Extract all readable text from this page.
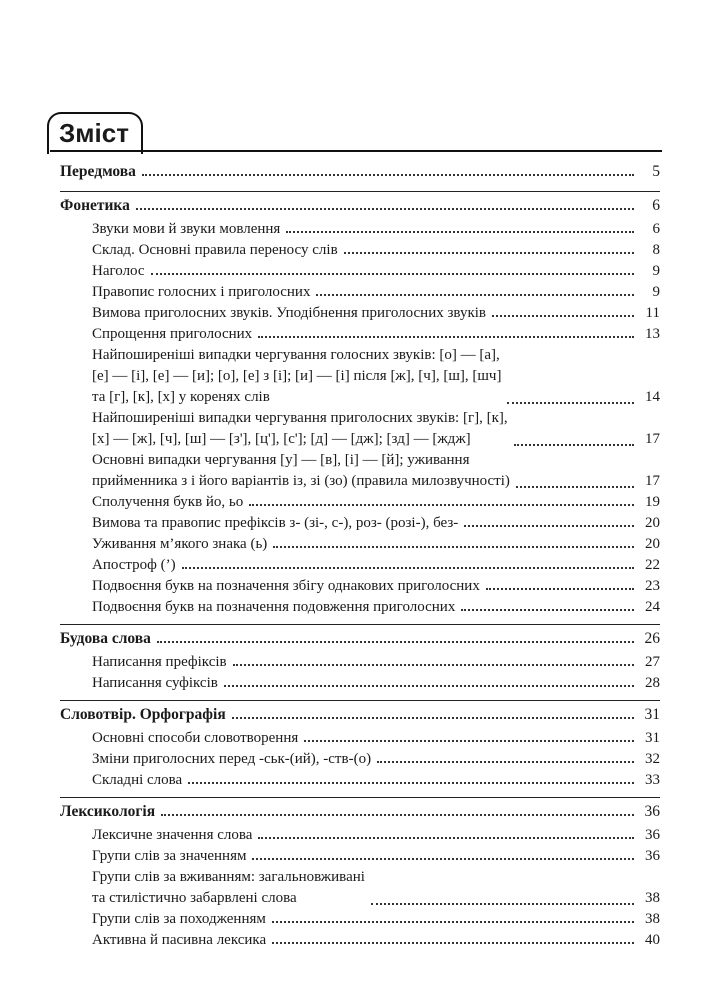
Зміст
Передмова	5
Фонетика	6
Звуки мови й звуки мовлення	6
Склад. Основні правила переносу слів	8
Наголос	9
Правопис голосних і приголосних	9
Вимова приголосних звуків. Уподібнення приголосних звуків	11
Спрощення приголосних	13
Найпоширеніші випадки чергування голосних звуків: [о] — [а],
[е] — [і], [е] — [и]; [о], [е] з [і]; [и] — [і] після [ж], [ч], [ш], [шч]
та [г], [к], [х] у коренях слів	14
Найпоширеніші випадки чергування приголосних звуків: [г], [к],
[х] — [ж], [ч], [ш] — [з'], [ц'], [с']; [д] — [дж]; [зд] — [ждж]	17
Основні випадки чергування [у] — [в], [і] — [й]; уживання
прийменника з і його варіантів із, зі (зо) (правила милозвучності)	17
Сполучення букв йо, ьо	19
Вимова та правопис префіксів з- (зі-, с-), роз- (розі-), без-	20
Уживання м’якого знака (ь)	20
Апостроф (’)	22
Подвоєння букв на позначення збігу однакових приголосних	23
Подвоєння букв на позначення подовження приголосних	24
Будова слова	26
Написання префіксів	27
Написання суфіксів	28
Словотвір. Орфографія	31
Основні способи словотворення	31
Зміни приголосних перед -ськ-(ий), -ств-(о)	32
Складні слова	33
Лексикологія	36
Лексичне значення слова	36
Групи слів за значенням	36
Групи слів за вживанням: загальновживані
та стилістично забарвлені слова	38
Групи слів за походженням	38
Активна й пасивна лексика	40
